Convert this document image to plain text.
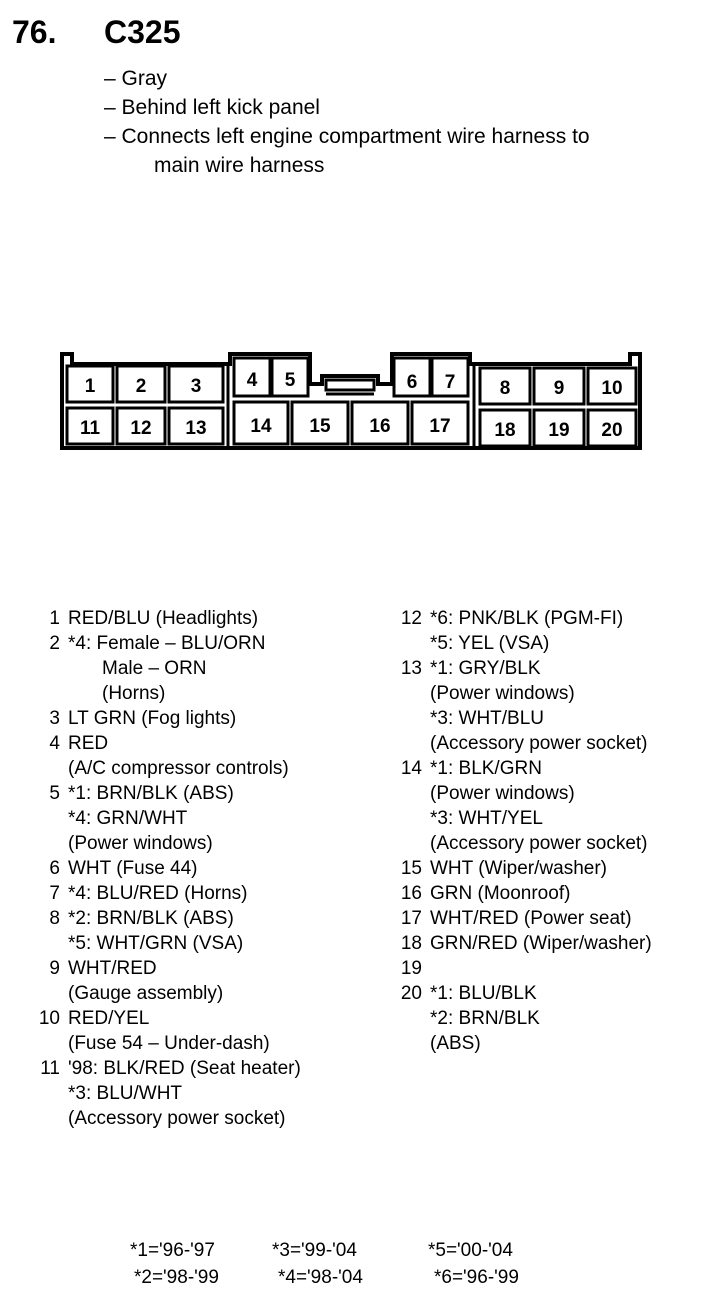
76. C325
– Gray
– Behind left kick panel
– Connects left engine compartment wire harness to
main wire harness
1 2 3 4 5	6 7 8 9 10
11 12 13 14 15 16 17 18 19 20
1 RED/BLU (Headlights)
2 *4: Female – BLU/ORN
Male – ORN
(Horns)
3 LT GRN (Fog lights)
4 RED
(A/C compressor controls)
5 *1: BRN/BLK (ABS)
*4: GRN/WHT
(Power windows)
6 WHT (Fuse 44)
7 *4: BLU/RED (Horns)
8 *2: BRN/BLK (ABS)
*5: WHT/GRN (VSA)
9 WHT/RED
(Gauge assembly)
10 RED/YEL
(Fuse 54 – Under-dash)
11 '98: BLK/RED (Seat heater)
*3: BLU/WHT
(Accessory power socket)
12 *6: PNK/BLK (PGM-FI)
*5: YEL (VSA)
13 *1: GRY/BLK
(Power windows)
*3: WHT/BLU
(Accessory power socket)
14 *1: BLK/GRN
(Power windows)
*3: WHT/YEL
(Accessory power socket)
15 WHT (Wiper/washer)
16 GRN (Moonroof)
17 WHT/RED (Power seat)
18 GRN/RED (Wiper/washer)
19
20 *1: BLU/BLK
*2: BRN/BLK
(ABS)
*1='96-'97	*3='99-'04	*5='00-'04
*2='98-'99	*4='98-'04	*6='96-'99
